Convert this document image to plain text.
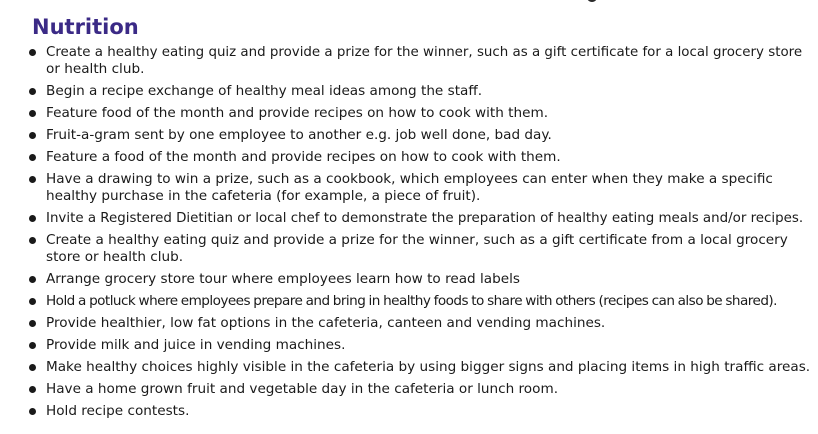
Nutrition
Create a healthy eating quiz and provide a prize for the winner, such as a gift certificate for a local grocery store
or health club.
Begin a recipe exchange of healthy meal ideas among the staff.
Feature food of the month and provide recipes on how to cook with them.
Fruit-a-gram sent by one employee to another e.g. job well done, bad day.
Feature a food of the month and provide recipes on how to cook with them.
Have a drawing to win a prize, such as a cookbook, which employees can enter when they make a specific
healthy purchase in the cafeteria (for example, a piece of fruit).
Invite a Registered Dietitian or local chef to demonstrate the preparation of healthy eating meals and/or recipes.
Create a healthy eating quiz and provide a prize for the winner, such as a gift certificate from a local grocery
store or health club.
Arrange grocery store tour where employees learn how to read labels
Hold a potluck where employees prepare and bring in healthy foods to share with others (recipes can also be shared).
Provide healthier, low fat options in the cafeteria, canteen and vending machines.
Provide milk and juice in vending machines.
Make healthy choices highly visible in the cafeteria by using bigger signs and placing items in high traffic areas.
Have a home grown fruit and vegetable day in the cafeteria or lunch room.
Hold recipe contests.
